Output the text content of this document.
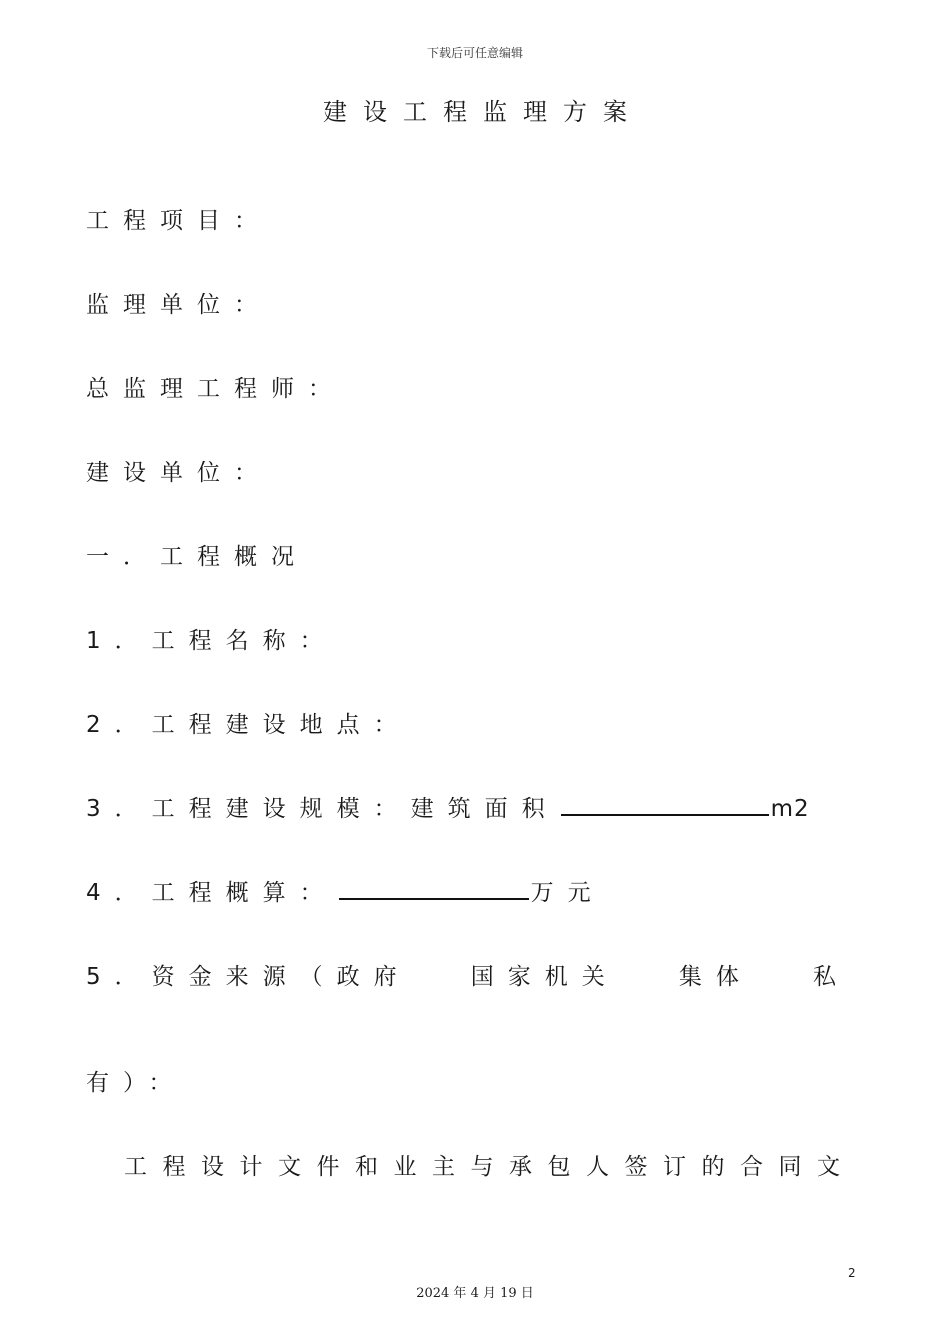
下载后可任意编辑
建设工程监理方案
工程项目：
监理单位：
总监理工程师：
建设单位：
一．工程概况
1．工程名称：
2．工程建设地点：
3．工程建设规模：建筑面积	m2
4．工程概算：	万元
5．资金来源（政府	国家机关	集体	私
有）：
工程设计文件和业主与承包人签订的合同文
2
2024 年 4 月 19 日
